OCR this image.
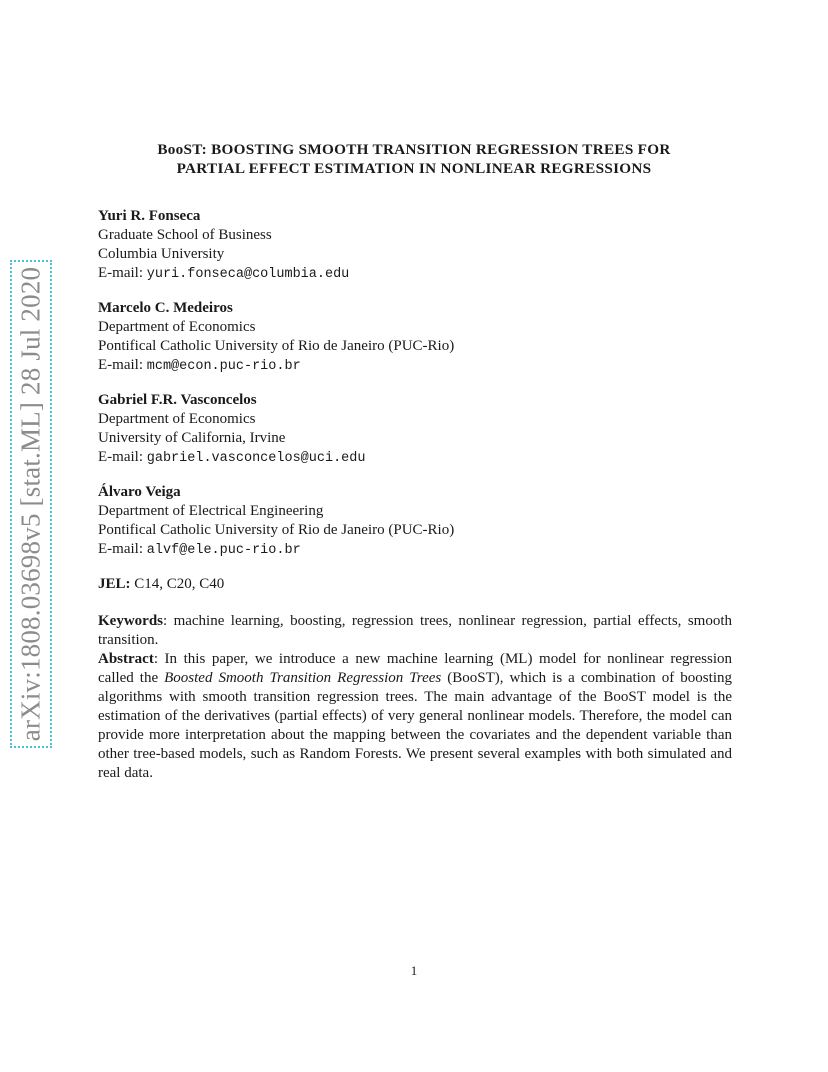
arXiv:1808.03698v5 [stat.ML] 28 Jul 2020
BooST: BOOSTING SMOOTH TRANSITION REGRESSION TREES FOR
PARTIAL EFFECT ESTIMATION IN NONLINEAR REGRESSIONS
Yuri R. Fonseca
Graduate School of Business
Columbia University
E-mail: yuri.fonseca@columbia.edu
Marcelo C. Medeiros
Department of Economics
Pontifical Catholic University of Rio de Janeiro (PUC-Rio)
E-mail: mcm@econ.puc-rio.br
Gabriel F.R. Vasconcelos
Department of Economics
University of California, Irvine
E-mail: gabriel.vasconcelos@uci.edu
Álvaro Veiga
Department of Electrical Engineering
Pontifical Catholic University of Rio de Janeiro (PUC-Rio)
E-mail: alvf@ele.puc-rio.br
JEL: C14, C20, C40

Keywords: machine learning, boosting, regression trees, nonlinear regression, partial effects, smooth transition.

Abstract: In this paper, we introduce a new machine learning (ML) model for nonlinear regression called the Boosted Smooth Transition Regression Trees (BooST), which is a combination of boosting algorithms with smooth transition regression trees. The main advantage of the BooST model is the estimation of the derivatives (partial effects) of very general nonlinear models. Therefore, the model can provide more interpretation about the mapping between the covariates and the dependent variable than other tree-based models, such as Random Forests. We present several examples with both simulated and real data.

1
